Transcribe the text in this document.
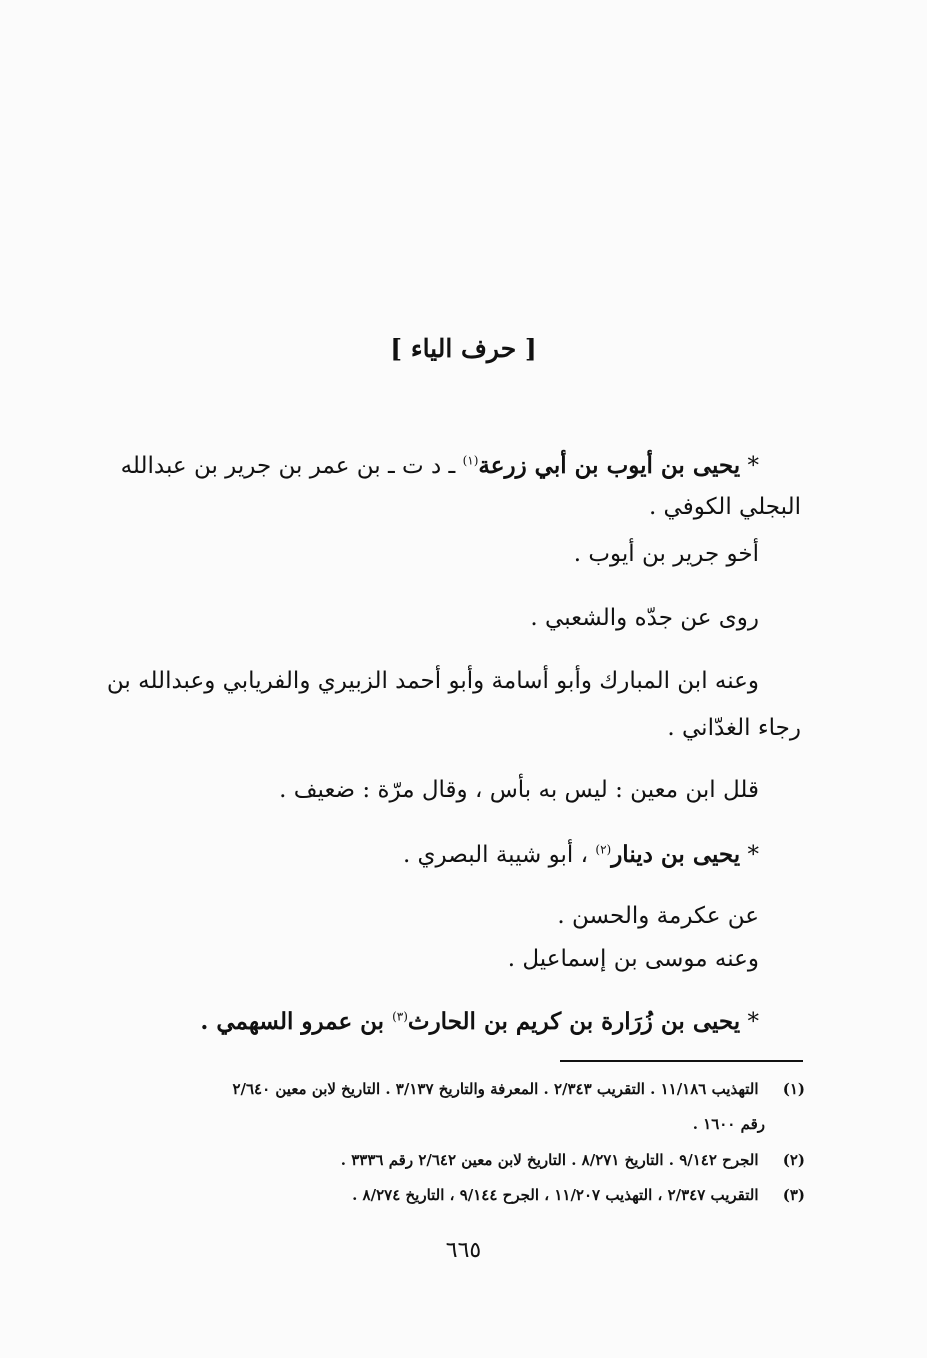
[ حرف الياء ]
* يحيى بن أيوب بن أبي زرعة$^{(١)}$ ـ د ت ـ بن عمر بن جرير بن عبدالله
البجلي الكوفي .
أخو جرير بن أيوب .
روى عن جدّه والشعبي .
وعنه ابن المبارك وأبو أسامة وأبو أحمد الزبيري والفريابي وعبدالله بن
رجاء الغدّاني .
قلل ابن معين : ليس به بأس ، وقال مرّة : ضعيف .
* يحيى بن دينار$^{(٢)}$ ، أبو شيبة البصري .
عن عكرمة والحسن .
وعنه موسى بن إسماعيل .
* يحيى بن زُرَارة بن كريم بن الحارث$^{(٣)}$ بن عمرو السهمي .
(١)  التهذيب ١١/١٨٦ . التقريب ٢/٣٤٣ . المعرفة والتاريخ ٣/١٣٧ . التاريخ لابن معين ٢/٦٤٠
رقم ١٦٠٠ .
(٢)  الجرح ٩/١٤٢ . التاريخ ٨/٢٧١ . التاريخ لابن معين ٢/٦٤٢ رقم ٣٣٣٦ .
(٣)  التقريب ٢/٣٤٧ ، التهذيب ١١/٢٠٧ ، الجرح ٩/١٤٤ ، التاريخ ٨/٢٧٤ .
٦٦٥
